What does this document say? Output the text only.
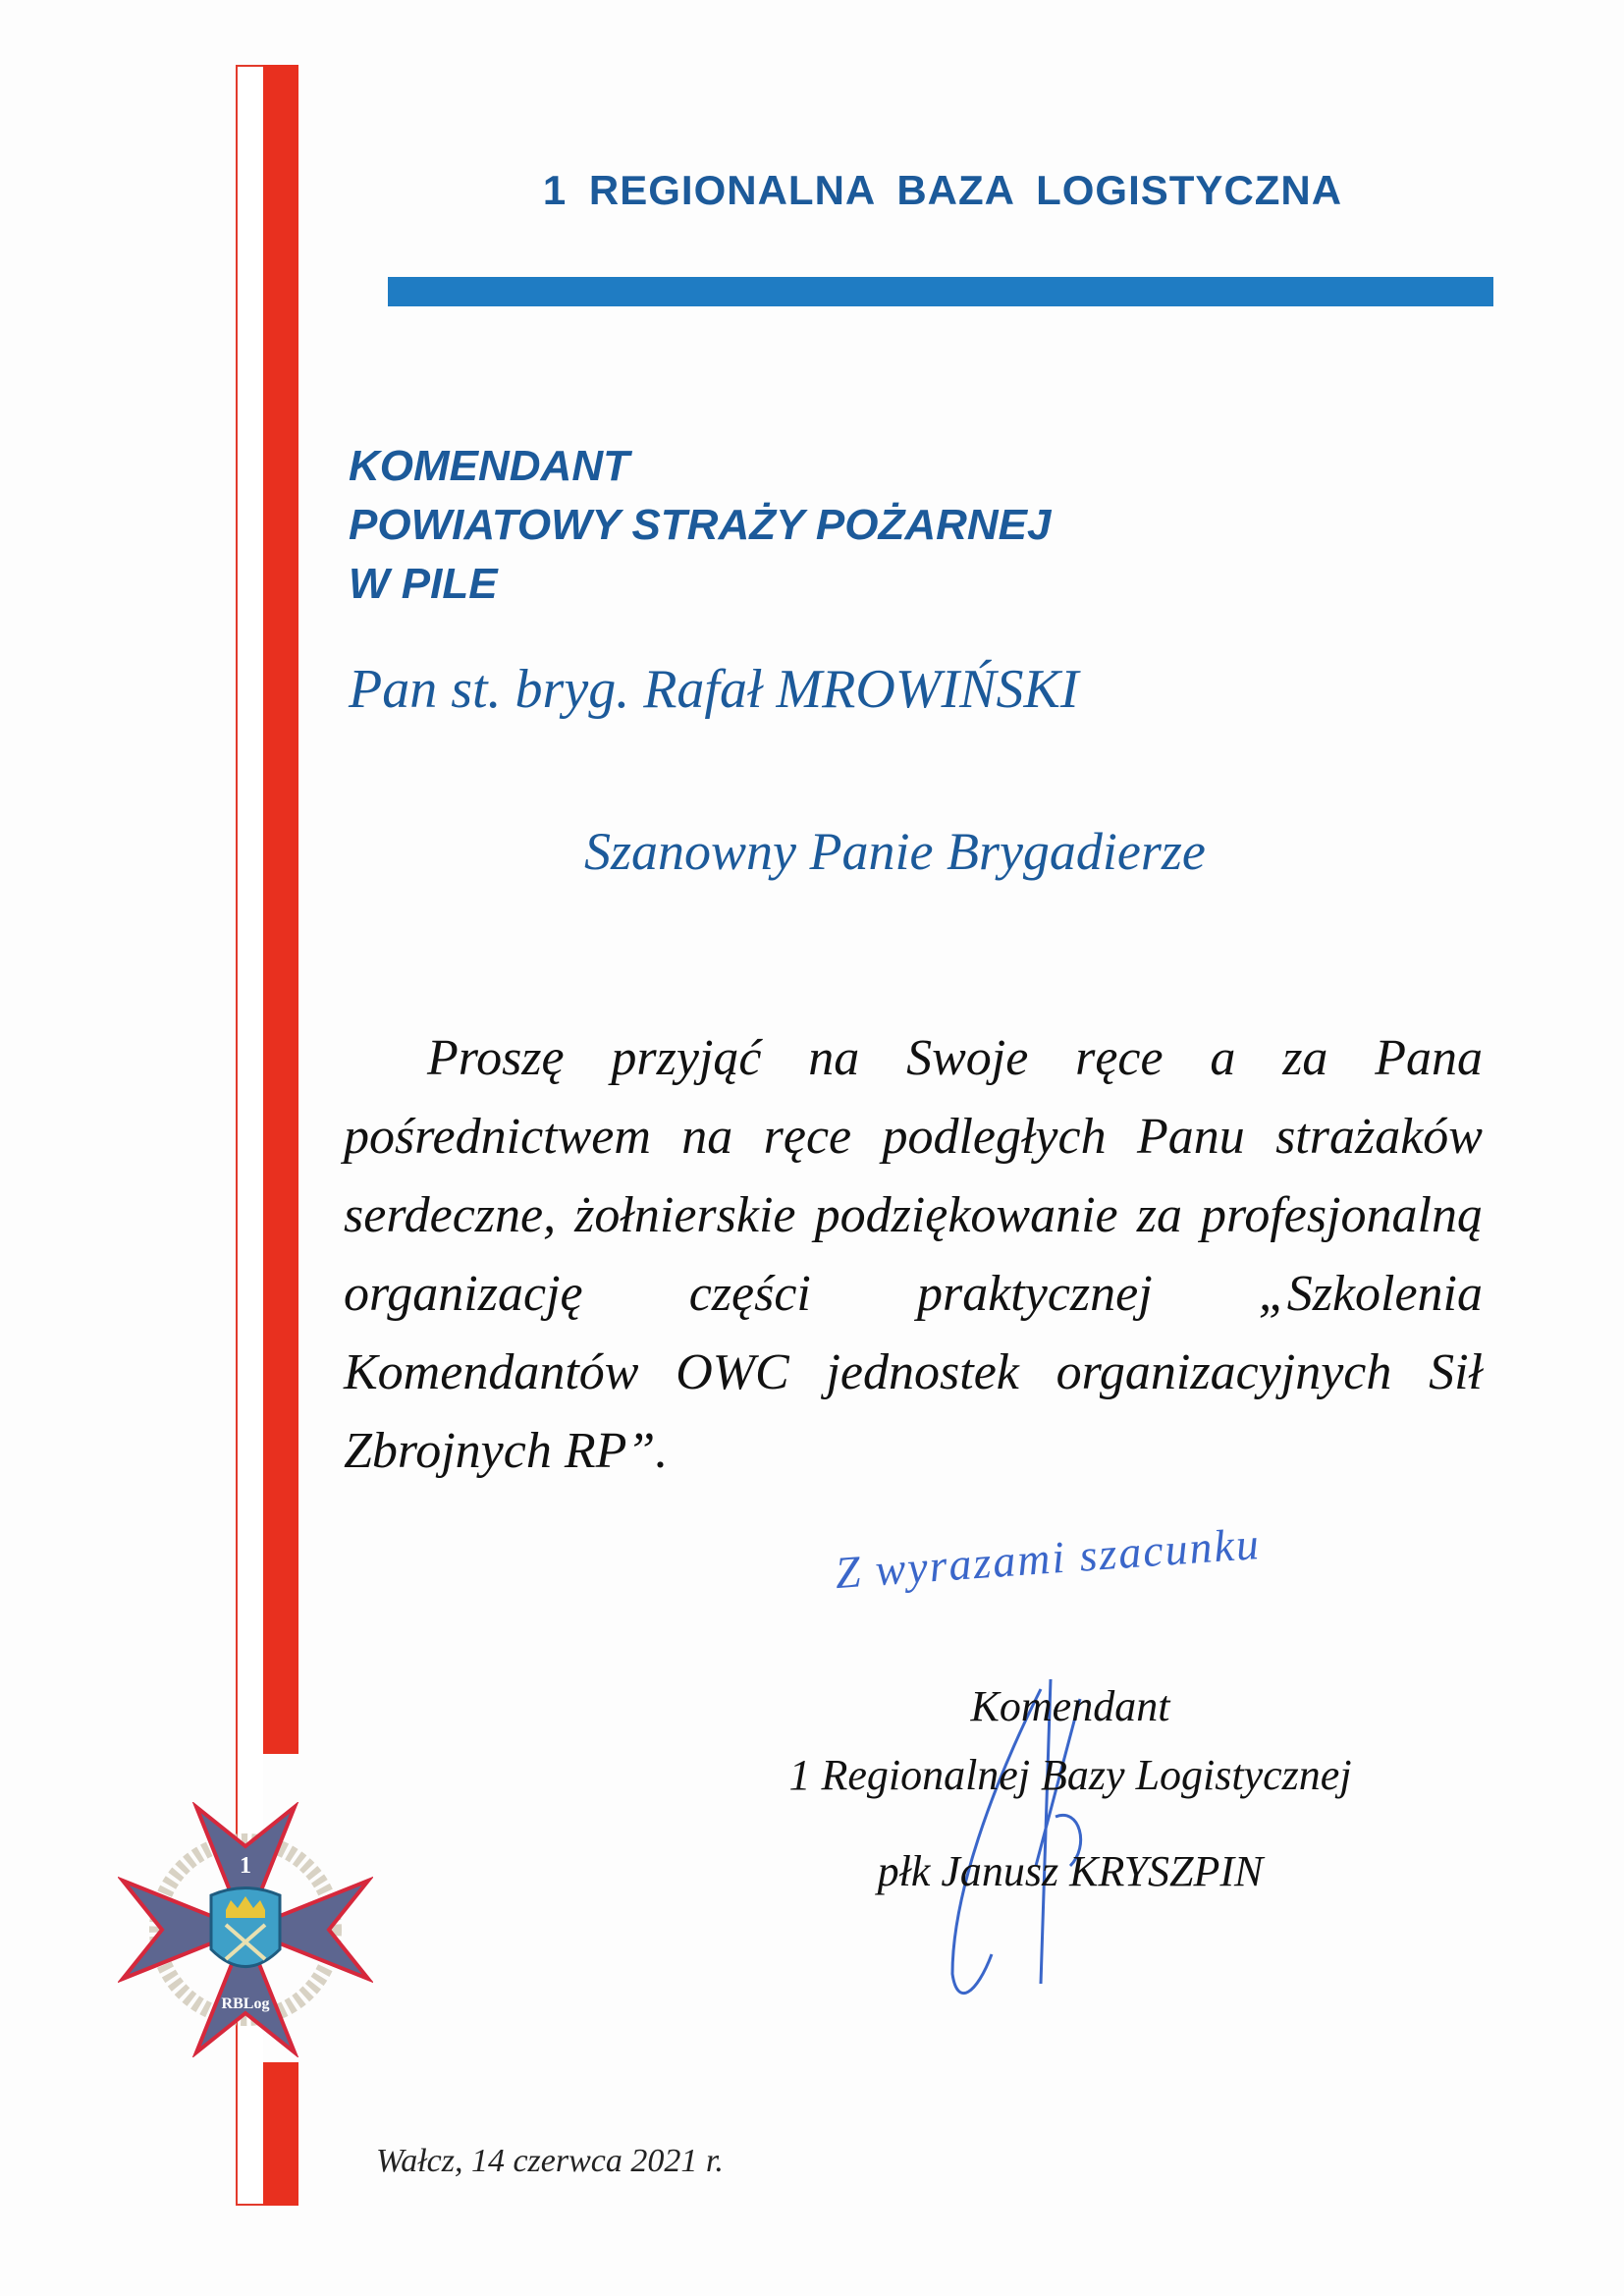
1 REGIONALNA BAZA LOGISTYCZNA
KOMENDANT
POWIATOWY STRAŻY POŻARNEJ
W PILE
Pan st. bryg. Rafał MROWIŃSKI
Szanowny Panie Brygadierze
Proszę przyjąć na Swoje ręce a za Pana pośrednictwem na ręce podległych Panu strażaków serdeczne, żołnierskie podziękowanie za profesjonalną organizację części praktycznej „Szkolenia Komendantów OWC jednostek organizacyjnych Sił Zbrojnych RP”.
Z wyrazami szacunku
Komendant
1 Regionalnej Bazy Logistycznej
płk Janusz KRYSZPIN
1
RBLog
Wałcz, 14 czerwca 2021 r.
